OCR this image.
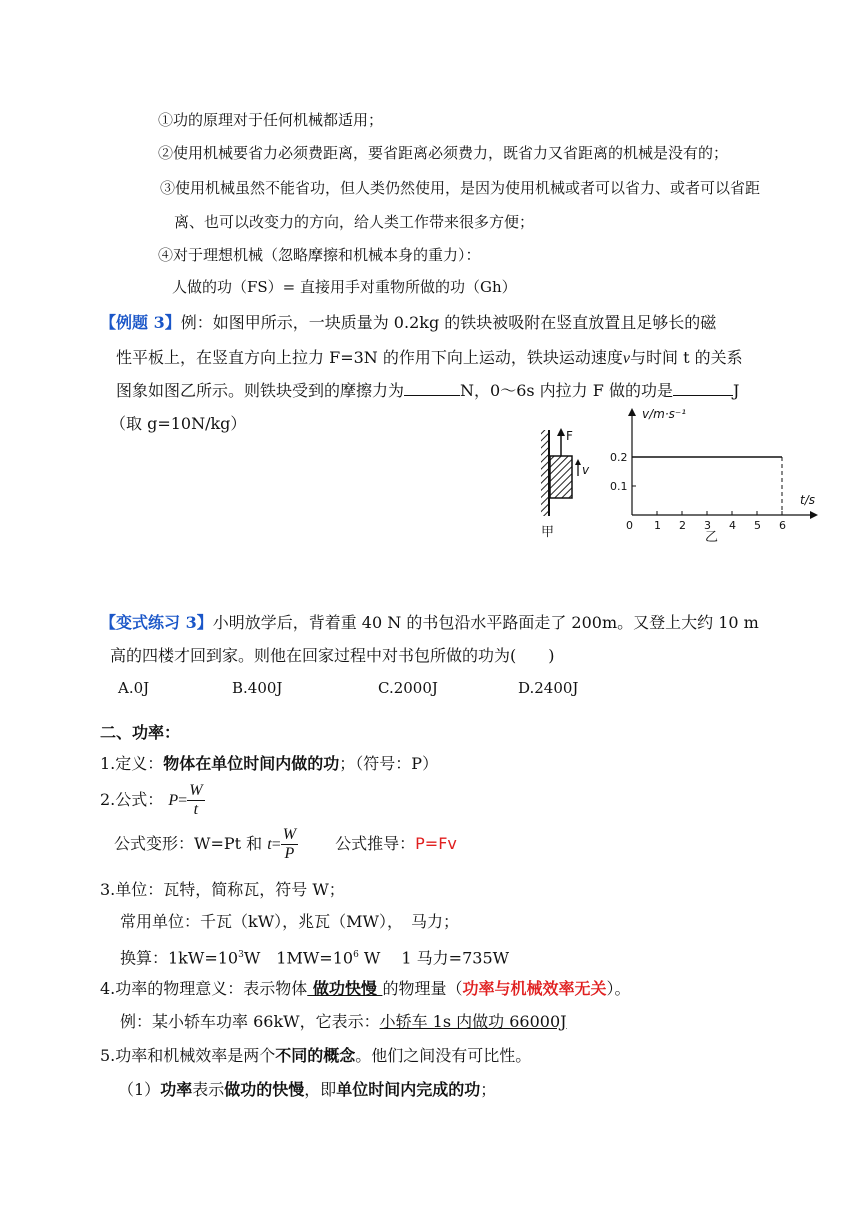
①功的原理对于任何机械都适用；
②使用机械要省力必须费距离，要省距离必须费力，既省力又省距离的机械是没有的；
③使用机械虽然不能省功，但人类仍然使用，是因为使用机械或者可以省力、或者可以省距
离、也可以改变力的方向，给人类工作带来很多方便；
④对于理想机械（忽略摩擦和机械本身的重力）：
人做的功（FS）= 直接用手对重物所做的功（Gh）
【例题 3】例：如图甲所示，一块质量为 0.2kg 的铁块被吸附在竖直放置且足够长的磁
性平板上，在竖直方向上拉力 F=3N 的作用下向上运动，铁块运动速度v与时间 t 的关系
图象如图乙所示。则铁块受到的摩擦力为	N，0～6s 内拉力 F 做的功是	J
（取 g=10N/kg）
F
v
甲
v/m·s⁻¹
t/s
0 1 2 3 4 5 6
0.1
0.2
乙
【变式练习 3】小明放学后，背着重 40 N 的书包沿水平路面走了 200m。又登上大约 10 m
高的四楼才回到家。则他在回家过程中对书包所做的功为(　　)
A.0J	B.400J	C.2000J	D.2400J
二、功率：
1.定义：物体在单位时间内做的功；（符号：P）
2.公式： $P= \frac{W}{t}$
公式变形：W=Pt 和 $t= \frac{W}{P}$ 公式推导：P=Fv
3.单位：瓦特，简称瓦，符号 W；
常用单位：千瓦（kW），兆瓦（MW），　马力；
换算：$1kW=10^3W$　$1MW=10^6$ W　 1 马力=735W
4.功率的物理意义：表示物体 做功快慢 的物理量（功率与机械效率无关）。
例：某小轿车功率 66kW，它表示：小轿车 1s 内做功 66000J
5.功率和机械效率是两个不同的概念。他们之间没有可比性。
（1）功率表示做功的快慢，即单位时间内完成的功；
